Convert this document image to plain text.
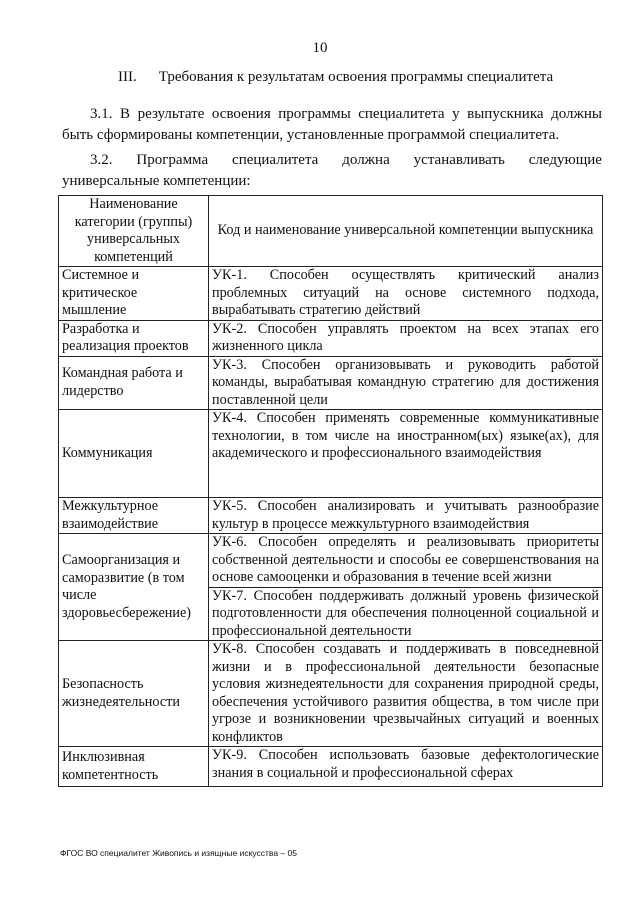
10
III. Требования к результатам освоения программы специалитета
3.1. В результате освоения программы специалитета у выпускника должны быть сформированы компетенции, установленные программой специалитета.
3.2. Программа специалитета должна устанавливать следующие
универсальные компетенции:
Наименование категории (группы) универсальных компетенций	Код и наименование универсальной компетенции выпускника
Системное и критическое мышление	УК-1. Способен осуществлять критический анализ проблемных ситуаций на основе системного подхода, вырабатывать стратегию действий
Разработка и реализация проектов	УК-2. Способен управлять проектом на всех этапах его жизненного цикла
Командная работа и лидерство	УК-3. Способен организовывать и руководить работой команды, вырабатывая командную стратегию для достижения поставленной цели
Коммуникация	УК-4. Способен применять современные коммуникативные технологии, в том числе на иностранном(ых) языке(ах), для академического и профессионального взаимодействия
Межкультурное взаимодействие	УК-5. Способен анализировать и учитывать разнообразие культур в процессе межкультурного взаимодействия
Самоорганизация и саморазвитие (в том числе здоровьесбережение)	УК-6. Способен определять и реализовывать приоритеты собственной деятельности и способы ее совершенствования на основе самооценки и образования в течение всей жизни
	УК-7. Способен поддерживать должный уровень физической подготовленности для обеспечения полноценной социальной и профессиональной деятельности
Безопасность жизнедеятельности	УК-8. Способен создавать и поддерживать в повседневной жизни и в профессиональной деятельности безопасные условия жизнедеятельности для сохранения природной среды, обеспечения устойчивого развития общества, в том числе при угрозе и возникновении чрезвычайных ситуаций и военных конфликтов
Инклюзивная компетентность	УК-9. Способен использовать базовые дефектологические знания в социальной и профессиональной сферах
ФГОС ВО специалитет Живопись и изящные искусства – 05
